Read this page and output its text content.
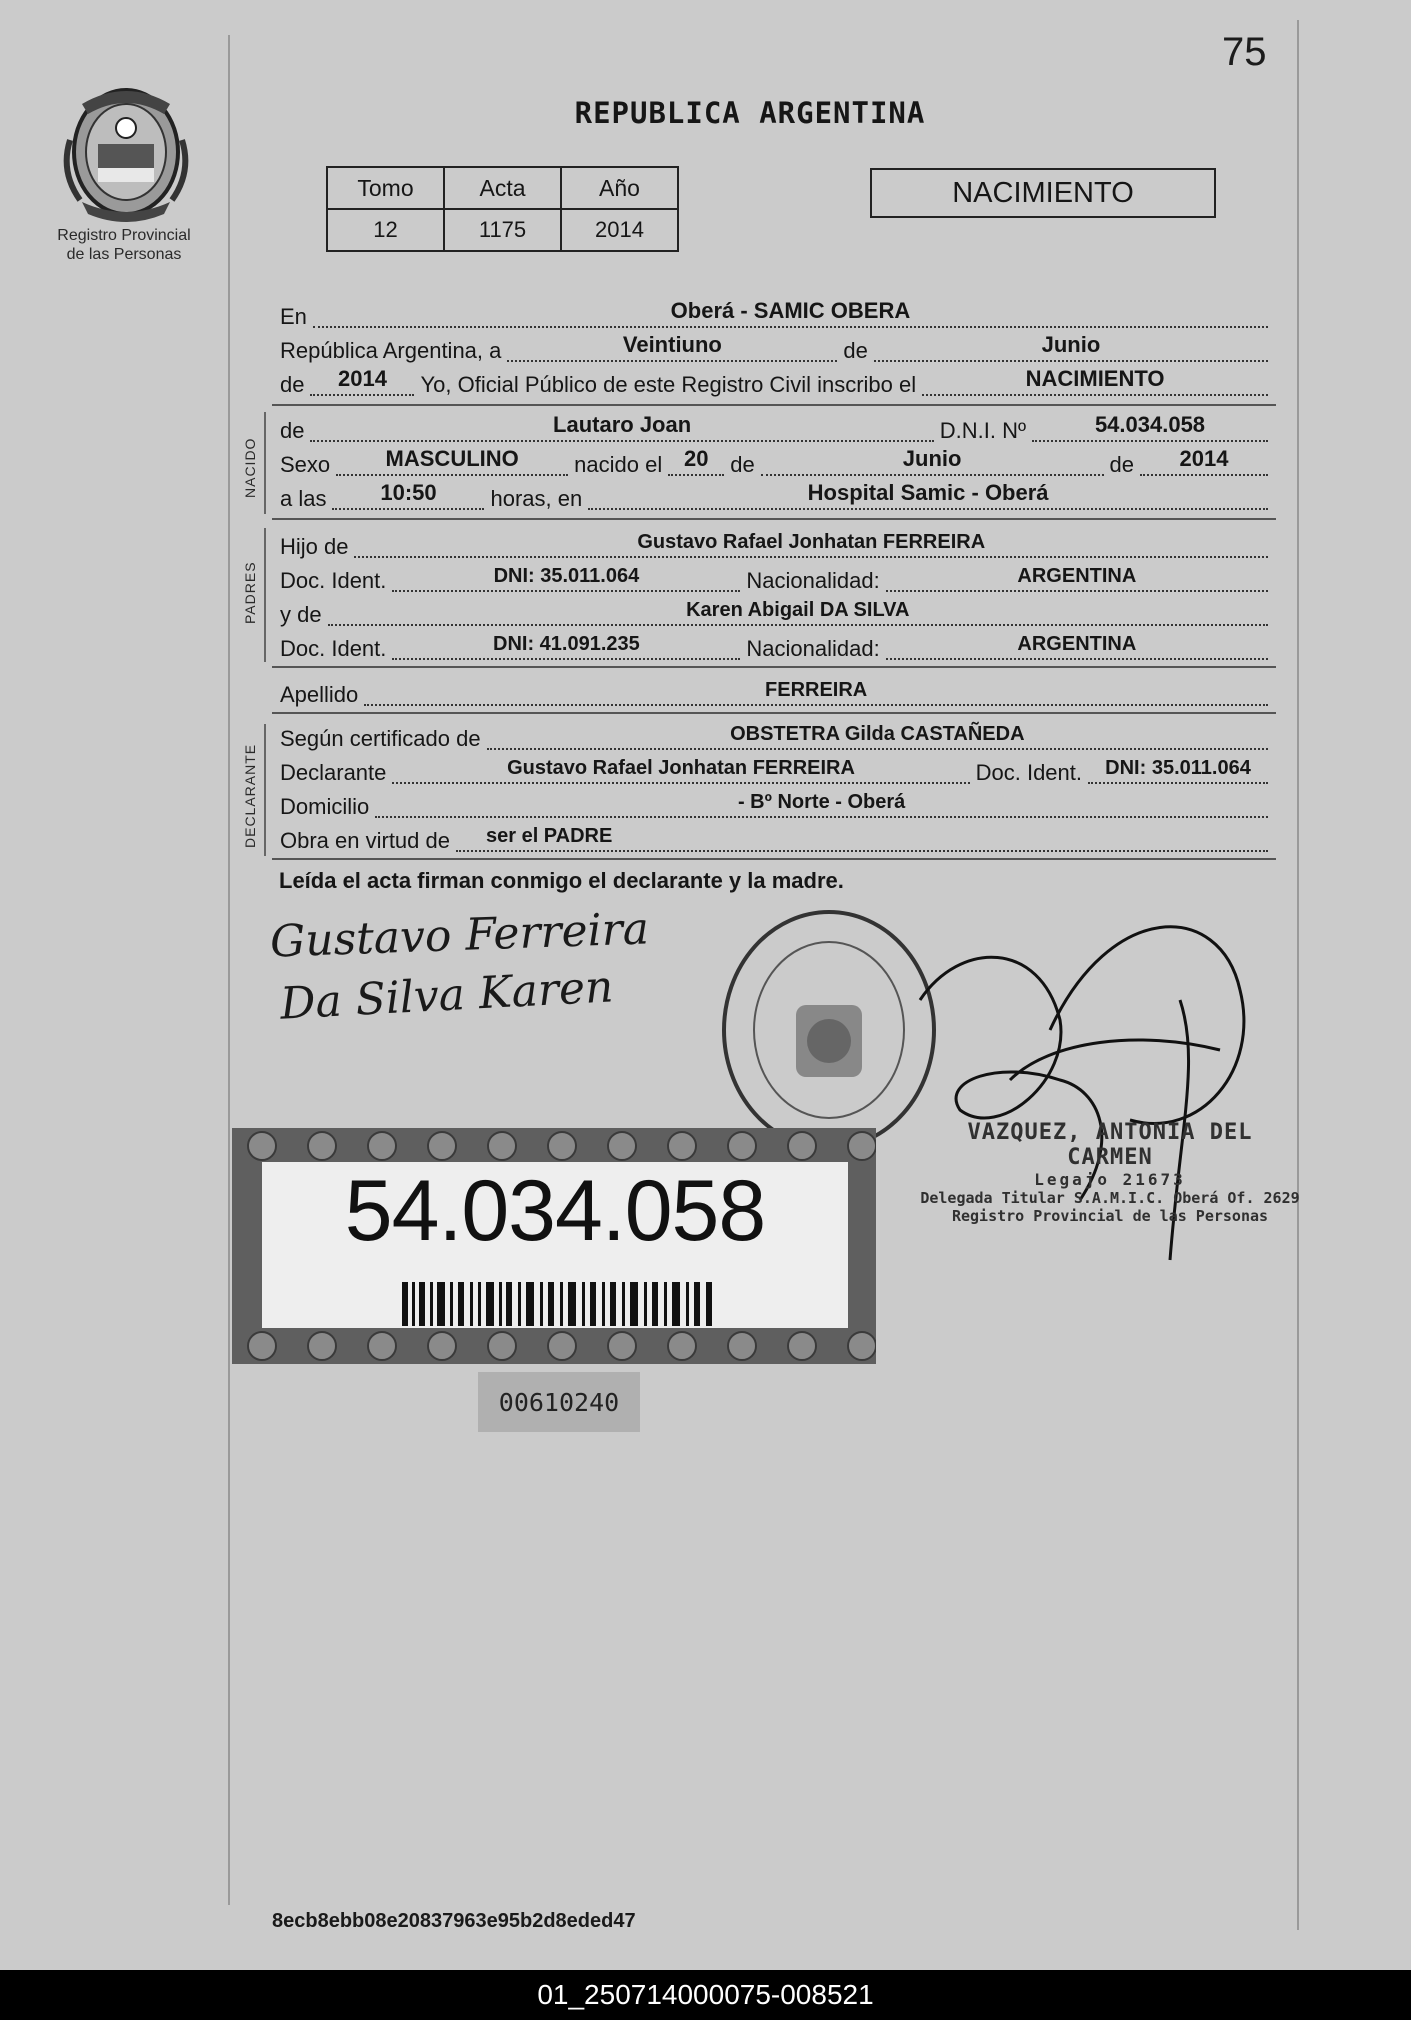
75
Registro Provincial
de las Personas
REPUBLICA ARGENTINA
Tomo	Acta	Año
12	1175	2014
NACIMIENTO
En	Oberá - SAMIC OBERA
República Argentina, a	Veintiuno	de	Junio
de	2014	Yo, Oficial Público de este Registro Civil inscribo el	NACIMIENTO
NACIDO
de	Lautaro Joan	D.N.I. Nº	54.034.058
Sexo	MASCULINO	nacido el 20 de	Junio	de	2014
a las	10:50	horas, en	Hospital Samic - Oberá
PADRES
Hijo de	Gustavo Rafael Jonhatan FERREIRA
Doc. Ident.	DNI: 35.011.064	Nacionalidad:	ARGENTINA
y de	Karen Abigail DA SILVA
Doc. Ident.	DNI: 41.091.235	Nacionalidad:	ARGENTINA
Apellido	FERREIRA
DECLARANTE
Según certificado de	OBSTETRA Gilda CASTAÑEDA
Declarante	Gustavo Rafael Jonhatan FERREIRA	Doc. Ident.	DNI: 35.011.064
Domicilio	- Bº Norte - Oberá
Obra en virtud de ser el PADRE
Leída el acta firman conmigo el declarante y la madre.
Gustavo Ferreira
Da Silva Karen
VAZQUEZ, ANTONIA DEL CARMEN
Legajo 21673
Delegada Titular S.A.M.I.C. Oberá Of. 2629
Registro Provincial de las Personas
54.034.058
00610240
8ecb8ebb08e20837963e95b2d8eded47
01_250714000075-008521
